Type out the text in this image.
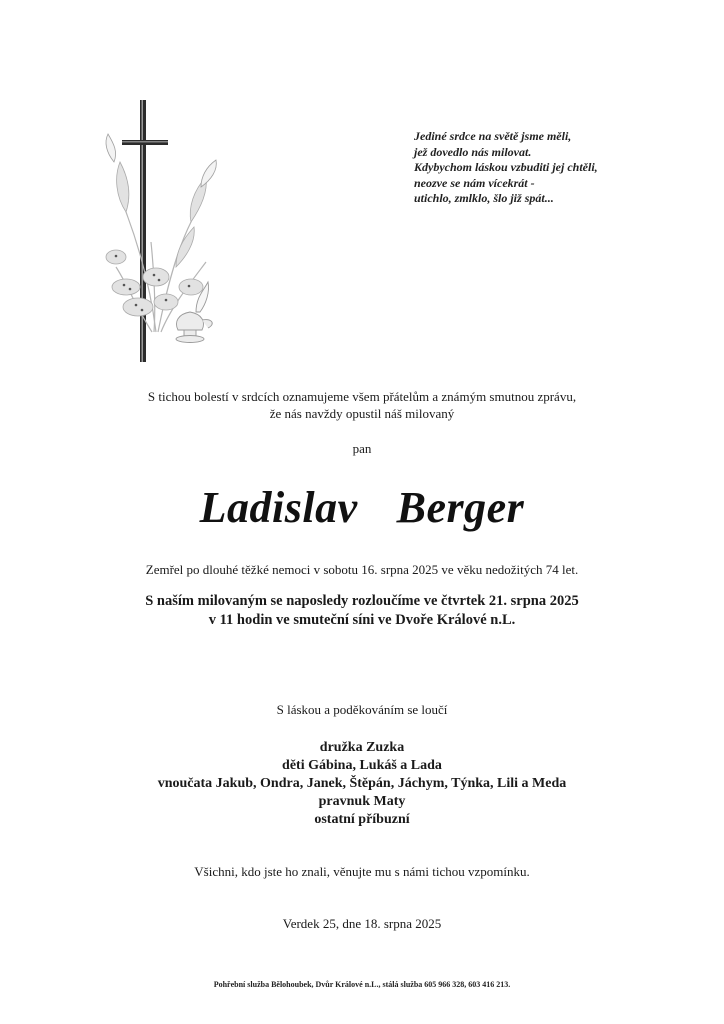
Jediné srdce na světě jsme měli,
jež dovedlo nás milovat.
Kdybychom láskou vzbuditi jej chtěli,
neozve se nám vícekrát -
utichlo, zmlklo, šlo již spát...
S tichou bolestí v srdcích oznamujeme všem přátelům a známým smutnou zprávu,
že nás navždy opustil náš milovaný
pan
Ladislav  Berger
Zemřel po dlouhé těžké nemoci v sobotu 16. srpna 2025 ve věku nedožitých 74 let.
S naším milovaným se naposledy rozloučíme ve čtvrtek 21. srpna 2025
v 11 hodin ve smuteční síni ve Dvoře Králové n.L.
S láskou a poděkováním se loučí
družka Zuzka
děti Gábina, Lukáš a Lada
vnoučata Jakub, Ondra, Janek, Štěpán, Jáchym, Týnka, Lili a Meda
pravnuk Maty
ostatní příbuzní
Všichni, kdo jste ho znali, věnujte mu s námi tichou vzpomínku.
Verdek 25, dne 18. srpna 2025
Pohřební služba Bělohoubek, Dvůr Králové n.L., stálá služba 605 966 328, 603 416 213.
